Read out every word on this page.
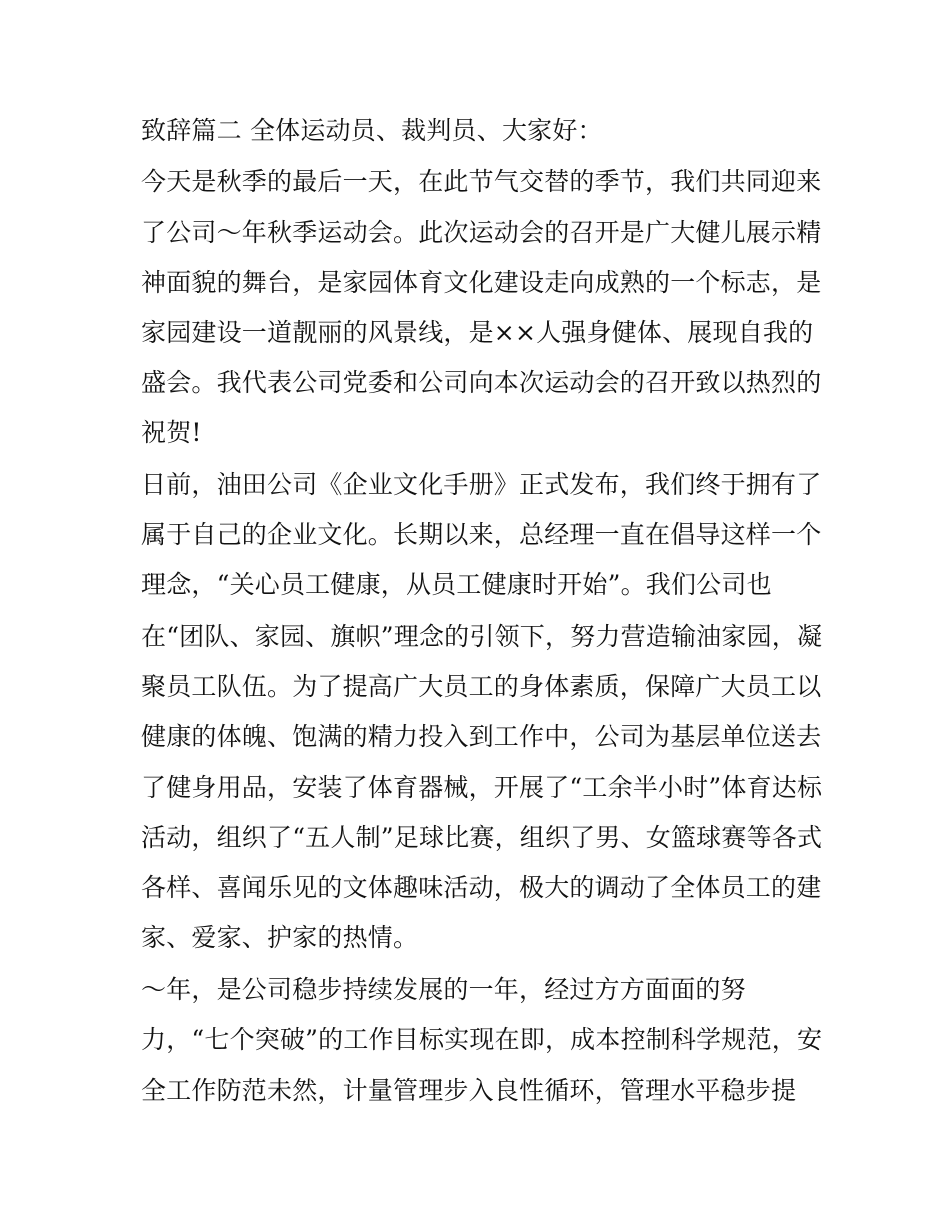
致辞篇二 全体运动员、裁判员、大家好：
今天是秋季的最后一天，在此节气交替的季节，我们共同迎来
了公司～年秋季运动会。此次运动会的召开是广大健儿展示精
神面貌的舞台，是家园体育文化建设走向成熟的一个标志，是
家园建设一道靓丽的风景线，是××人强身健体、展现自我的
盛会。我代表公司党委和公司向本次运动会的召开致以热烈的
祝贺!
日前，油田公司《企业文化手册》正式发布，我们终于拥有了
属于自己的企业文化。长期以来，总经理一直在倡导这样一个
理念，“关心员工健康，从员工健康时开始”。我们公司也
在“团队、家园、旗帜”理念的引领下，努力营造输油家园，凝
聚员工队伍。为了提高广大员工的身体素质，保障广大员工以
健康的体魄、饱满的精力投入到工作中，公司为基层单位送去
了健身用品，安装了体育器械，开展了“工余半小时”体育达标
活动，组织了“五人制”足球比赛，组织了男、女篮球赛等各式
各样、喜闻乐见的文体趣味活动，极大的调动了全体员工的建
家、爱家、护家的热情。
～年，是公司稳步持续发展的一年，经过方方面面的努
力，“七个突破”的工作目标实现在即，成本控制科学规范，安
全工作防范未然，计量管理步入良性循环，管理水平稳步提
